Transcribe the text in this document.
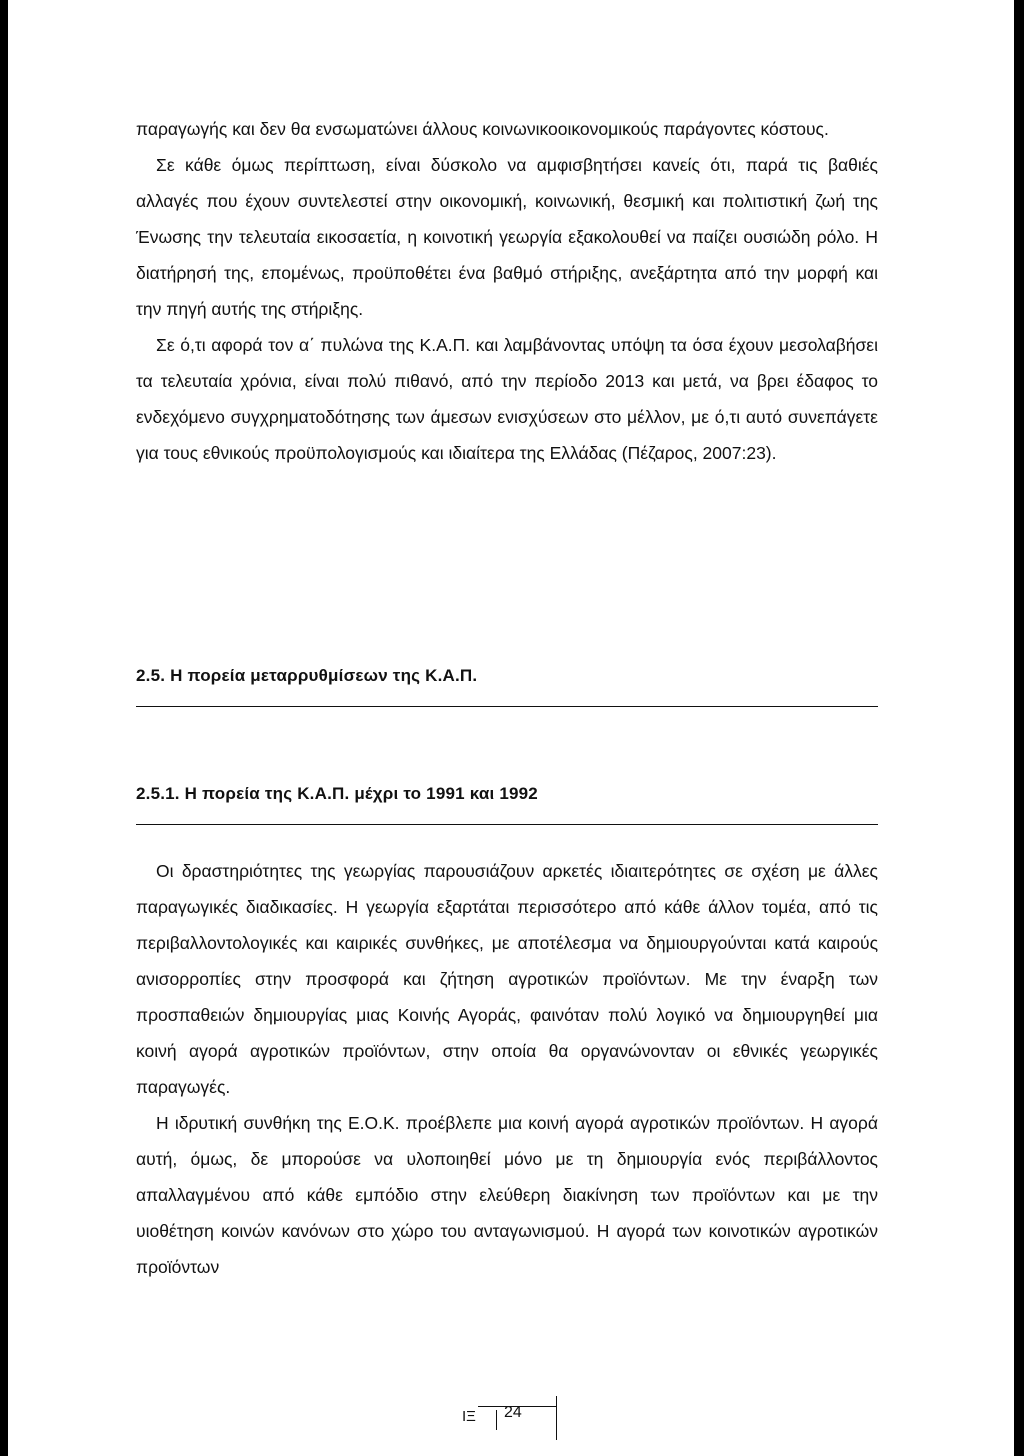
παραγωγής και δεν θα ενσωματώνει άλλους κοινωνικοοικονομικούς παράγοντες κόστους.

Σε κάθε όμως περίπτωση, είναι δύσκολο να αμφισβητήσει κανείς ότι, παρά τις βαθιές αλλαγές που έχουν συντελεστεί στην οικονομική, κοινωνική, θεσμική και πολιτιστική ζωή της Ένωσης την τελευταία εικοσαετία, η κοινοτική γεωργία εξακολουθεί να παίζει ουσιώδη ρόλο. Η διατήρησή της, επομένως, προϋποθέτει ένα βαθμό στήριξης, ανεξάρτητα από την μορφή και την πηγή αυτής της στήριξης.

Σε ό,τι αφορά τον α΄ πυλώνα της Κ.Α.Π. και λαμβάνοντας υπόψη τα όσα έχουν μεσολαβήσει τα τελευταία χρόνια, είναι πολύ πιθανό, από την περίοδο 2013 και μετά, να βρει έδαφος το ενδεχόμενο συγχρηματοδότησης των άμεσων ενισχύσεων στο μέλλον, με ό,τι αυτό συνεπάγετε για τους εθνικούς προϋπολογισμούς και ιδιαίτερα της Ελλάδας (Πέζαρος, 2007:23).

2.5. Η πορεία μεταρρυθμίσεων της Κ.Α.Π.
2.5.1. Η πορεία της Κ.Α.Π. μέχρι το 1991 και 1992

Οι δραστηριότητες της γεωργίας παρουσιάζουν αρκετές ιδιαιτερότητες σε σχέση με άλλες παραγωγικές διαδικασίες. Η γεωργία εξαρτάται περισσότερο από κάθε άλλον τομέα, από τις περιβαλλοντολογικές και καιρικές συνθήκες, με αποτέλεσμα να δημιουργούνται κατά καιρούς ανισορροπίες στην προσφορά και ζήτηση αγροτικών προϊόντων. Με την έναρξη των προσπαθειών δημιουργίας μιας Κοινής Αγοράς, φαινόταν πολύ λογικό να δημιουργηθεί μια κοινή αγορά αγροτικών προϊόντων, στην οποία θα οργανώνονταν οι εθνικές γεωργικές παραγωγές.

Η ιδρυτική συνθήκη της Ε.Ο.Κ. προέβλεπε μια κοινή αγορά αγροτικών προϊόντων. Η αγορά αυτή, όμως, δε μπορούσε να υλοποιηθεί μόνο με τη δημιουργία ενός περιβάλλοντος απαλλαγμένου από κάθε εμπόδιο στην ελεύθερη διακίνηση των προϊόντων και με την υιοθέτηση κοινών κανόνων στο χώρο του ανταγωνισμού. Η αγορά των κοινοτικών αγροτικών προϊόντων

ΙΞ 24
